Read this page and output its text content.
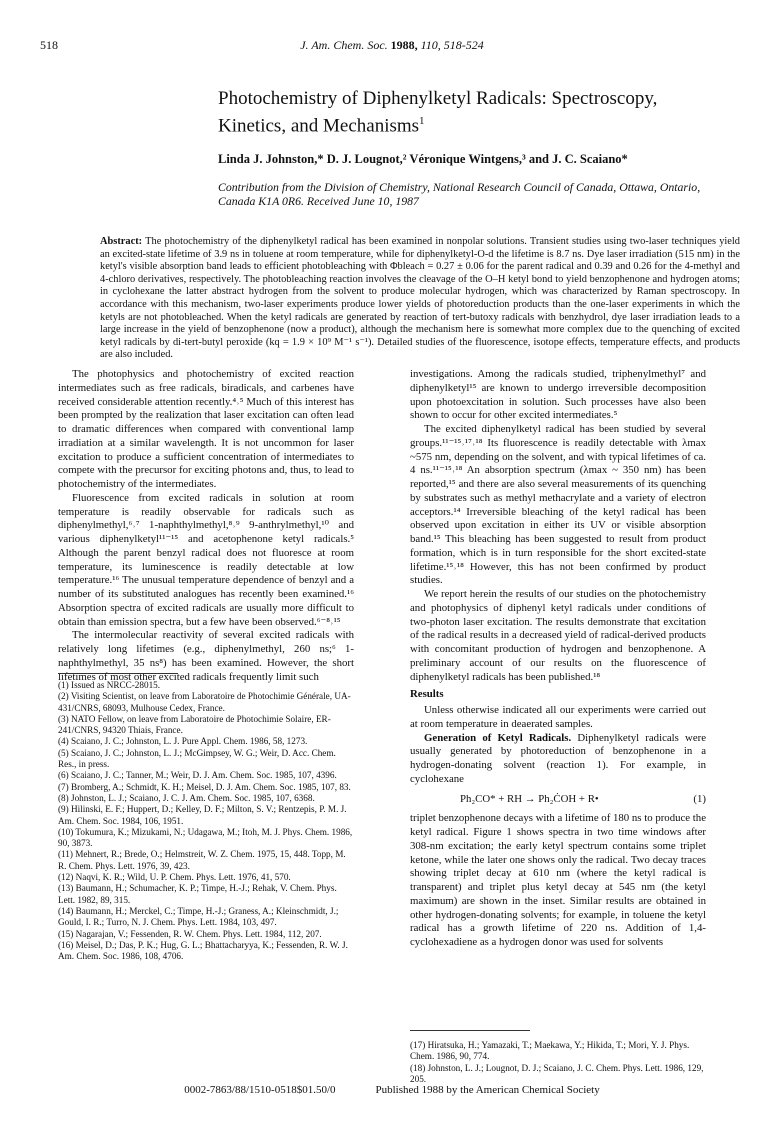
518	J. Am. Chem. Soc. 1988, 110, 518-524
Photochemistry of Diphenylketyl Radicals: Spectroscopy,
Kinetics, and Mechanisms$^1$
Linda J. Johnston,* D. J. Lougnot,² Véronique Wintgens,³ and J. C. Scaiano*
Contribution from the Division of Chemistry, National Research Council of Canada, Ottawa, Ontario, Canada K1A 0R6. Received June 10, 1987
Abstract: The photochemistry of the diphenylketyl radical has been examined in nonpolar solutions. Transient studies using two-laser techniques yield an excited-state lifetime of 3.9 ns in toluene at room temperature, while for diphenylketyl-O-d the lifetime is 8.7 ns. Dye laser irradiation (515 nm) in the ketyl's visible absorption band leads to efficient photobleaching with Φbleach = 0.27 ± 0.06 for the parent radical and 0.39 and 0.26 for the 4-methyl and 4-chloro derivatives, respectively. The photobleaching reaction involves the cleavage of the O–H ketyl bond to yield benzophenone and hydrogen atoms; in cyclohexane the latter abstract hydrogen from the solvent to produce molecular hydrogen, which was characterized by Raman spectroscopy. In accordance with this mechanism, two-laser experiments produce lower yields of photoreduction products than the one-laser experiments in which the ketyls are not photobleached. When the ketyl radicals are generated by reaction of tert-butoxy radicals with benzhydrol, dye laser irradiation leads to a large increase in the yield of benzophenone (now a product), although the mechanism here is somewhat more complex due to the quenching of excited ketyl radicals by di-tert-butyl peroxide (kq = 1.9 × 10⁹ M⁻¹ s⁻¹). Detailed studies of the fluorescence, isotope effects, temperature effects, and products are also included.

The photophysics and photochemistry of excited reaction intermediates such as free radicals, biradicals, and carbenes have received considerable attention recently.⁴˒⁵ Much of this interest has been prompted by the realization that laser excitation can often lead to dramatic differences when compared with conventional lamp irradiation at a similar wavelength. It is not uncommon for laser excitation to produce a sufficient concentration of intermediates to compete with the precursor for exciting photons and, thus, to lead to photochemistry of the intermediates.

Fluorescence from excited radicals in solution at room temperature is readily observable for radicals such as diphenylmethyl,⁶˒⁷ 1-naphthylmethyl,⁸˒⁹ 9-anthrylmethyl,¹⁰ and various diphenylketyl¹¹⁻¹⁵ and acetophenone ketyl radicals.⁵ Although the parent benzyl radical does not fluoresce at room temperature, its luminescence is readily detectable at low temperature.¹⁶ The unusual temperature dependence of benzyl and a number of its substituted analogues has recently been examined.¹⁶ Absorption spectra of excited radicals are usually more difficult to obtain than emission spectra, but a few have been observed.⁶⁻⁸˒¹⁵

The intermolecular reactivity of several excited radicals with relatively long lifetimes (e.g., diphenylmethyl, 260 ns;⁶ 1-naphthylmethyl, 35 ns⁸) has been examined. However, the short lifetimes of most other excited radicals frequently limit such

(1) Issued as NRCC-28015.
(2) Visiting Scientist, on leave from Laboratoire de Photochimie Générale, UA-431/CNRS, 68093, Mulhouse Cedex, France.
(3) NATO Fellow, on leave from Laboratoire de Photochimie Solaire, ER-241/CNRS, 94320 Thiais, France.
(4) Scaiano, J. C.; Johnston, L. J. Pure Appl. Chem. 1986, 58, 1273.
(5) Scaiano, J. C.; Johnston, L. J.; McGimpsey, W. G.; Weir, D. Acc. Chem. Res., in press.
(6) Scaiano, J. C.; Tanner, M.; Weir, D. J. Am. Chem. Soc. 1985, 107, 4396.
(7) Bromberg, A.; Schmidt, K. H.; Meisel, D. J. Am. Chem. Soc. 1985, 107, 83.
(8) Johnston, L. J.; Scaiano, J. C. J. Am. Chem. Soc. 1985, 107, 6368.
(9) Hilinski, E. F.; Huppert, D.; Kelley, D. F.; Milton, S. V.; Rentzepis, P. M. J. Am. Chem. Soc. 1984, 106, 1951.
(10) Tokumura, K.; Mizukami, N.; Udagawa, M.; Itoh, M. J. Phys. Chem. 1986, 90, 3873.
(11) Mehnert, R.; Brede, O.; Helmstreit, W. Z. Chem. 1975, 15, 448. Topp, M. R. Chem. Phys. Lett. 1976, 39, 423.
(12) Naqvi, K. R.; Wild, U. P. Chem. Phys. Lett. 1976, 41, 570.
(13) Baumann, H.; Schumacher, K. P.; Timpe, H.-J.; Rehak, V. Chem. Phys. Lett. 1982, 89, 315.
(14) Baumann, H.; Merckel, C.; Timpe, H.-J.; Graness, A.; Kleinschmidt, J.; Gould, I. R.; Turro, N. J. Chem. Phys. Lett. 1984, 103, 497.
(15) Nagarajan, V.; Fessenden, R. W. Chem. Phys. Lett. 1984, 112, 207.
(16) Meisel, D.; Das, P. K.; Hug, G. L.; Bhattacharyya, K.; Fessenden, R. W. J. Am. Chem. Soc. 1986, 108, 4706.

investigations. Among the radicals studied, triphenylmethyl⁷ and diphenylketyl¹⁵ are known to undergo irreversible decomposition upon photoexcitation in solution. Such processes have also been shown to occur for other excited intermediates.⁵

The excited diphenylketyl radical has been studied by several groups.¹¹⁻¹⁵˒¹⁷˒¹⁸ Its fluorescence is readily detectable with λmax ~575 nm, depending on the solvent, and with typical lifetimes of ca. 4 ns.¹¹⁻¹⁵˒¹⁸ An absorption spectrum (λmax ~ 350 nm) has been reported,¹⁵ and there are also several measurements of its quenching by substrates such as methyl methacrylate and a variety of electron acceptors.¹⁴ Irreversible bleaching of the ketyl radical has been observed upon excitation in either its UV or visible absorption band.¹⁵ This bleaching has been suggested to result from product formation, which is in turn responsible for the short excited-state lifetime.¹⁵˒¹⁸ However, this has not been confirmed by product studies.

We report herein the results of our studies on the photochemistry and photophysics of diphenyl ketyl radicals under conditions of two-photon laser excitation. The results demonstrate that excitation of the radical results in a decreased yield of radical-derived products with concomitant production of hydrogen and benzophenone. A preliminary account of our results on the fluorescence of diphenylketyl radicals has been published.¹⁸

Results

Unless otherwise indicated all our experiments were carried out at room temperature in deaerated samples.

Generation of Ketyl Radicals. Diphenylketyl radicals were usually generated by photoreduction of benzophenone in a hydrogen-donating solvent (reaction 1). For example, in cyclohexane

Ph₂CO* + RH → Ph₂ĊOH + R•	(1)

triplet benzophenone decays with a lifetime of 180 ns to produce the ketyl radical. Figure 1 shows spectra in two time windows after 308-nm excitation; the early ketyl spectrum contains some triplet ketone, while the later one shows only the radical. Two decay traces showing triplet decay at 610 nm (where the ketyl radical is transparent) and triplet plus ketyl decay at 545 nm (the ketyl maximum) are shown in the inset. Similar results are obtained in other hydrogen-donating solvents; for example, in toluene the ketyl radical has a growth lifetime of 220 ns. Addition of 1,4-cyclohexadiene as a hydrogen donor was used for solvents

(17) Hiratsuka, H.; Yamazaki, T.; Maekawa, Y.; Hikida, T.; Mori, Y. J. Phys. Chem. 1986, 90, 774.
(18) Johnston, L. J.; Lougnot, D. J.; Scaiano, J. C. Chem. Phys. Lett. 1986, 129, 205.
0002-7863/88/1510-0518$01.50/0	Published 1988 by the American Chemical Society
